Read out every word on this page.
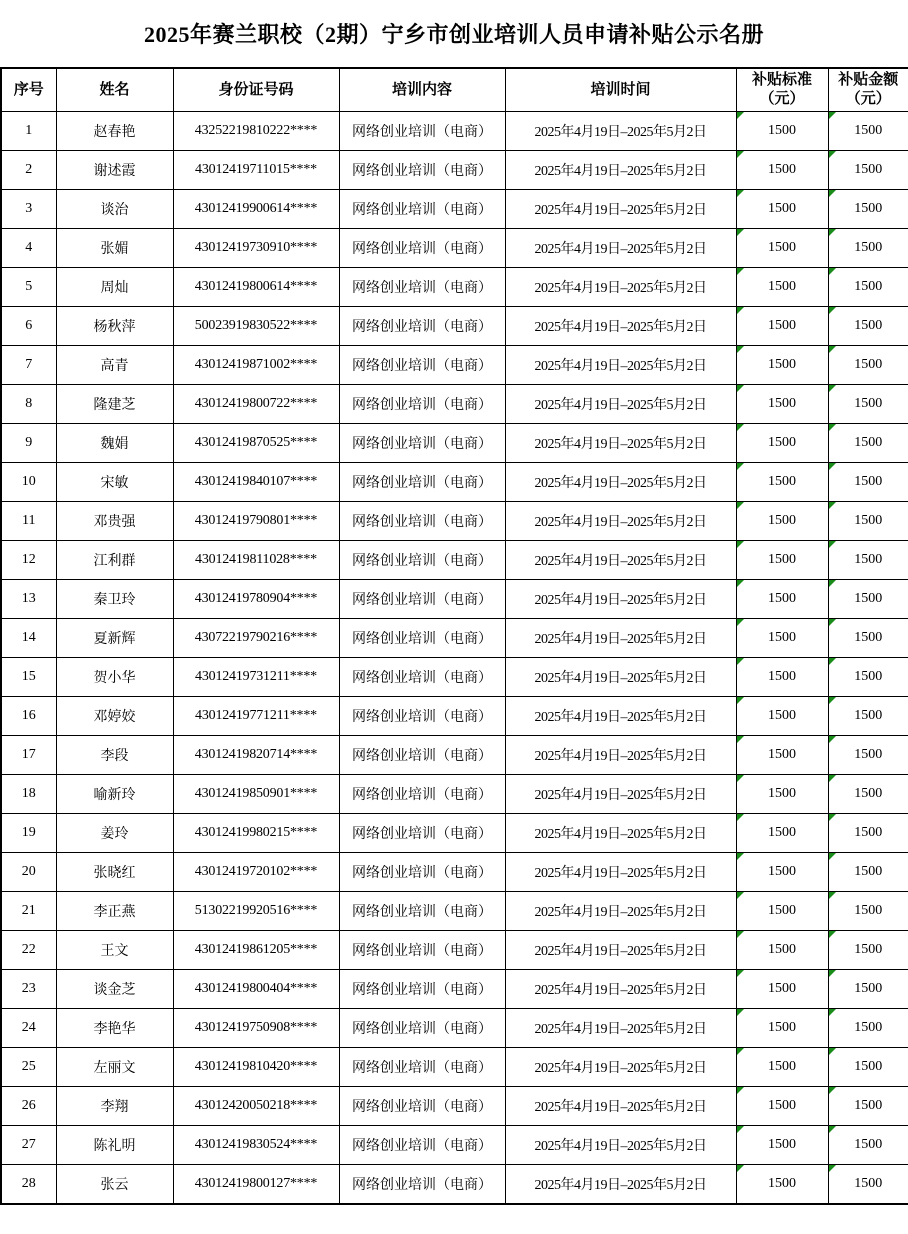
2025年赛兰职校（2期）宁乡市创业培训人员申请补贴公示名册
序号	姓名	身份证号码	培训内容	培训时间	补贴标准（元）	补贴金额（元）
1	赵春艳	43252219810222****	网络创业培训（电商）	2025年4月19日–2025年5月2日	1500	1500
2	谢述霞	43012419711015****	网络创业培训（电商）	2025年4月19日–2025年5月2日	1500	1500
3	谈治	43012419900614****	网络创业培训（电商）	2025年4月19日–2025年5月2日	1500	1500
4	张媚	43012419730910****	网络创业培训（电商）	2025年4月19日–2025年5月2日	1500	1500
5	周灿	43012419800614****	网络创业培训（电商）	2025年4月19日–2025年5月2日	1500	1500
6	杨秋萍	50023919830522****	网络创业培训（电商）	2025年4月19日–2025年5月2日	1500	1500
7	高青	43012419871002****	网络创业培训（电商）	2025年4月19日–2025年5月2日	1500	1500
8	隆建芝	43012419800722****	网络创业培训（电商）	2025年4月19日–2025年5月2日	1500	1500
9	魏娟	43012419870525****	网络创业培训（电商）	2025年4月19日–2025年5月2日	1500	1500
10	宋敏	43012419840107****	网络创业培训（电商）	2025年4月19日–2025年5月2日	1500	1500
11	邓贵强	43012419790801****	网络创业培训（电商）	2025年4月19日–2025年5月2日	1500	1500
12	江利群	43012419811028****	网络创业培训（电商）	2025年4月19日–2025年5月2日	1500	1500
13	秦卫玲	43012419780904****	网络创业培训（电商）	2025年4月19日–2025年5月2日	1500	1500
14	夏新辉	43072219790216****	网络创业培训（电商）	2025年4月19日–2025年5月2日	1500	1500
15	贺小华	43012419731211****	网络创业培训（电商）	2025年4月19日–2025年5月2日	1500	1500
16	邓婷姣	43012419771211****	网络创业培训（电商）	2025年4月19日–2025年5月2日	1500	1500
17	李段	43012419820714****	网络创业培训（电商）	2025年4月19日–2025年5月2日	1500	1500
18	喻新玲	43012419850901****	网络创业培训（电商）	2025年4月19日–2025年5月2日	1500	1500
19	姜玲	43012419980215****	网络创业培训（电商）	2025年4月19日–2025年5月2日	1500	1500
20	张晓红	43012419720102****	网络创业培训（电商）	2025年4月19日–2025年5月2日	1500	1500
21	李正燕	51302219920516****	网络创业培训（电商）	2025年4月19日–2025年5月2日	1500	1500
22	王文	43012419861205****	网络创业培训（电商）	2025年4月19日–2025年5月2日	1500	1500
23	谈金芝	43012419800404****	网络创业培训（电商）	2025年4月19日–2025年5月2日	1500	1500
24	李艳华	43012419750908****	网络创业培训（电商）	2025年4月19日–2025年5月2日	1500	1500
25	左丽文	43012419810420****	网络创业培训（电商）	2025年4月19日–2025年5月2日	1500	1500
26	李翔	43012420050218****	网络创业培训（电商）	2025年4月19日–2025年5月2日	1500	1500
27	陈礼明	43012419830524****	网络创业培训（电商）	2025年4月19日–2025年5月2日	1500	1500
28	张云	43012419800127****	网络创业培训（电商）	2025年4月19日–2025年5月2日	1500	1500
